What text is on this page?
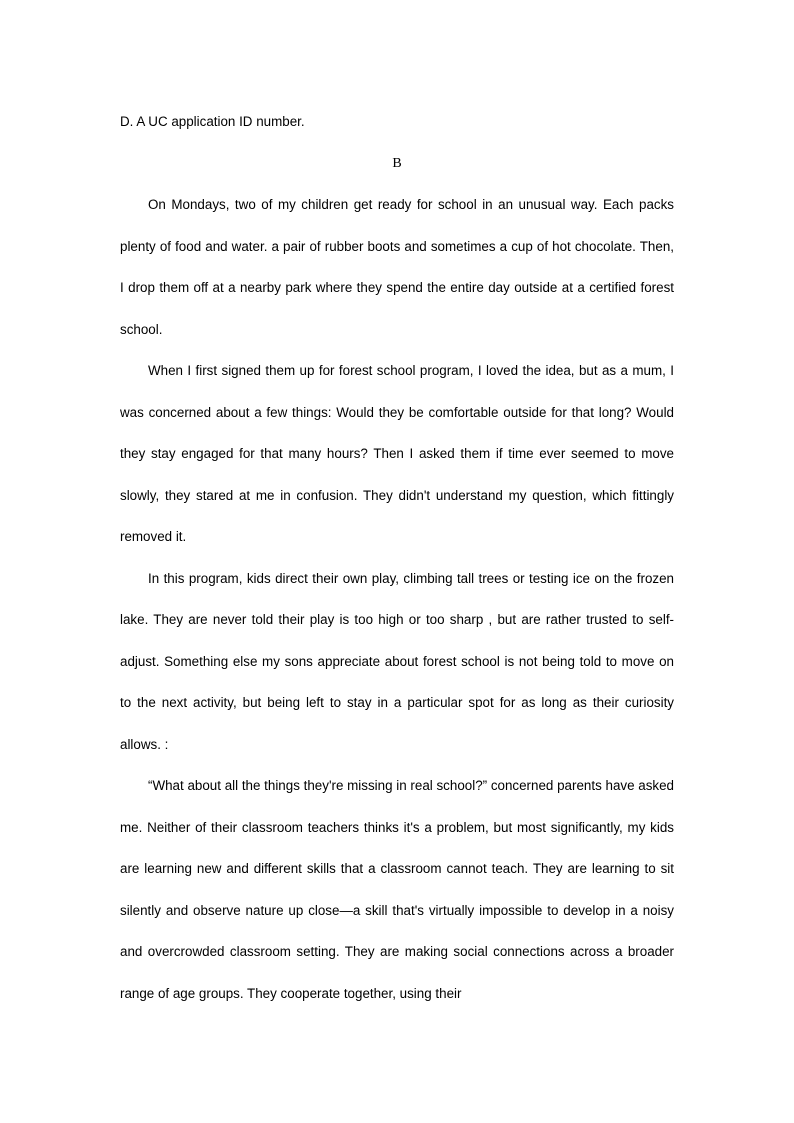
D. A UC application ID number.

B

On Mondays, two of my children get ready for school in an unusual way. Each packs plenty of food and water. a pair of rubber boots and sometimes a cup of hot chocolate. Then, I drop them off at a nearby park where they spend the entire day outside at a certified forest school.

When I first signed them up for forest school program, I loved the idea, but as a mum, I was concerned about a few things: Would they be comfortable outside for that long? Would they stay engaged for that many hours? Then I asked them if time ever seemed to move slowly, they stared at me in confusion. They didn't understand my question, which fittingly removed it.

In this program, kids direct their own play, climbing tall trees or testing ice on the frozen lake. They are never told their play is too high or too sharp , but are rather trusted to self-adjust. Something else my sons appreciate about forest school is not being told to move on to the next activity, but being left to stay in a particular spot for as long as their curiosity allows. :

“What about all the things they're missing in real school?” concerned parents have asked me. Neither of their classroom teachers thinks it's a problem, but most significantly, my kids are learning new and different skills that a classroom cannot teach. They are learning to sit silently and observe nature up close—a skill that's virtually impossible to develop in a noisy and overcrowded classroom setting. They are making social connections across a broader range of age groups. They cooperate together, using their
